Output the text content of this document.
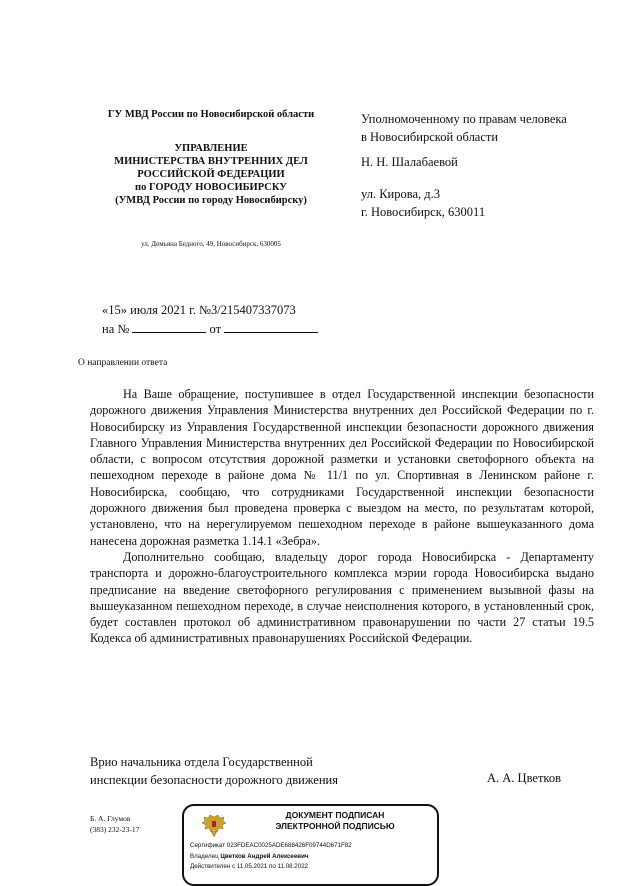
ГУ МВД России по Новосибирской области
УПРАВЛЕНИЕ
МИНИСТЕРСТВА ВНУТРЕННИХ ДЕЛ
РОССИЙСКОЙ ФЕДЕРАЦИИ
по ГОРОДУ НОВОСИБИРСКУ
(УМВД России по городу Новосибирску)
ул. Демьяна Бедного, 49, Новосибирск, 630005
Уполномоченному по правам человека
в Новосибирской области
Н. Н. Шалабаевой
ул. Кирова, д.3
г. Новосибирск, 630011
«15» июля 2021 г. №3/215407337073
на №	от
О направлении ответа

На Ваше обращение, поступившее в отдел Государственной инспекции безопасности дорожного движения Управления Министерства внутренних дел Российской Федерации по г. Новосибирску из Управления Государственной инспекции безопасности дорожного движения Главного Управления Министерства внутренних дел Российской Федерации по Новосибирской области, с вопросом отсутствия дорожной разметки и установки светофорного объекта на пешеходном переходе в районе дома № 11/1 по ул. Спортивная в Ленинском районе г. Новосибирска, сообщаю, что сотрудниками Государственной инспекции безопасности дорожного движения был проведена проверка с выездом на место, по результатам которой, установлено, что на нерегулируемом пешеходном переходе в районе вышеуказанного дома нанесена дорожная разметка 1.14.1 «Зебра».

Дополнительно сообщаю, владельцу дорог города Новосибирска - Департаменту транспорта и дорожно-благоустроительного комплекса мэрии города Новосибирска выдано предписание на введение светофорного регулирования с применением вызывной фазы на вышеуказанном пешеходном переходе, в случае неисполнения которого, в установленный срок, будет составлен протокол об административном правонарушении по части 27 статьи 19.5 Кодекса об административных правонарушениях Российской Федерации.

Врио начальника отдела Государственной
инспекции безопасности дорожного движения	А. А. Цветков
Б. А. Глумов
(383) 232-23-17
ДОКУМЕНТ ПОДПИСАН
ЭЛЕКТРОННОЙ ПОДПИСЬЮ
Сертификат 023FDEAC0025ADE688426F09744D671F82
Владелец Цветков Андрей Алексеевич
Действителен с 11.05.2021 по 11.08.2022
